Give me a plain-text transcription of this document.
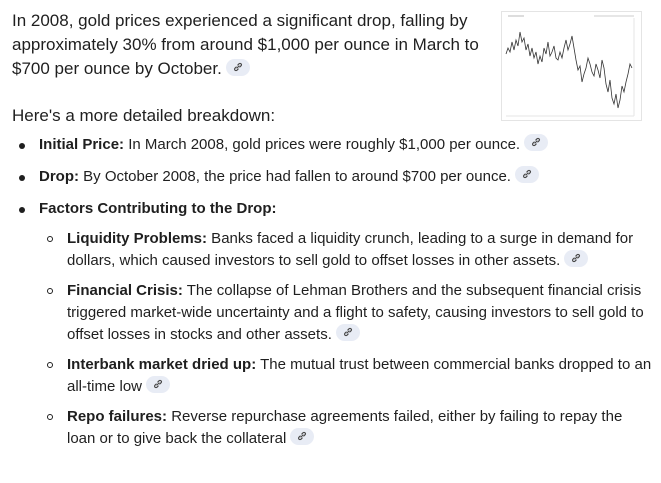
In 2008, gold prices experienced a significant drop, falling by approximately 30% from around $1,000 per ounce in March to $700 per ounce by October.

Here's a more detailed breakdown:

Initial Price: In March 2008, gold prices were roughly $1,000 per ounce.
Drop: By October 2008, the price had fallen to around $700 per ounce.
Factors Contributing to the Drop:
Liquidity Problems: Banks faced a liquidity crunch, leading to a surge in demand for dollars, which caused investors to sell gold to offset losses in other assets.
Financial Crisis: The collapse of Lehman Brothers and the subsequent financial crisis triggered market-wide uncertainty and a flight to safety, causing investors to sell gold to offset losses in stocks and other assets.
Interbank market dried up: The mutual trust between commercial banks dropped to an all-time low
Repo failures: Reverse repurchase agreements failed, either by failing to repay the loan or to give back the collateral
